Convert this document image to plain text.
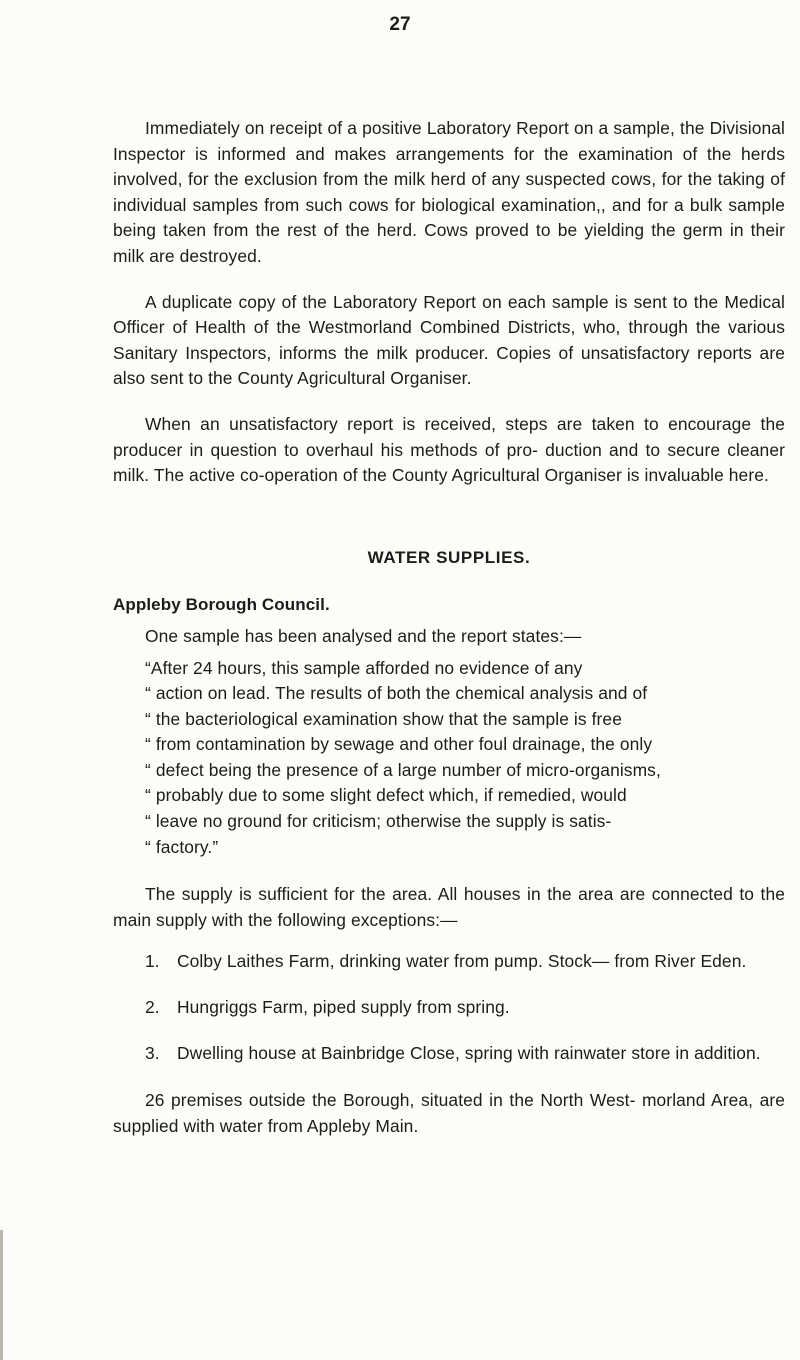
27

Immediately on receipt of a positive Laboratory Report on a sample, the Divisional Inspector is informed and makes arrangements for the examination of the herds involved, for the exclusion from the milk herd of any suspected cows, for the taking of individual samples from such cows for biological examination,, and for a bulk sample being taken from the rest of the herd. Cows proved to be yielding the germ in their milk are destroyed.

A duplicate copy of the Laboratory Report on each sample is sent to the Medical Officer of Health of the Westmorland Combined Districts, who, through the various Sanitary Inspectors, informs the milk producer. Copies of unsatisfactory reports are also sent to the County Agricultural Organiser.

When an unsatisfactory report is received, steps are taken to encourage the producer in question to overhaul his methods of pro- duction and to secure cleaner milk. The active co-operation of the County Agricultural Organiser is invaluable here.

WATER SUPPLIES.
Appleby Borough Council.

One sample has been analysed and the report states:—

“After 24 hours, this sample afforded no evidence of any
“ action on lead. The results of both the chemical analysis and of
“ the bacteriological examination show that the sample is free
“ from contamination by sewage and other foul drainage, the only
“ defect being the presence of a large number of micro-organisms,
“ probably due to some slight defect which, if remedied, would
“ leave no ground for criticism; otherwise the supply is satis-
“ factory.”

The supply is sufficient for the area. All houses in the area are connected to the main supply with the following exceptions:—

1. Colby Laithes Farm, drinking water from pump. Stock— from River Eden.
2. Hungriggs Farm, piped supply from spring.
3. Dwelling house at Bainbridge Close, spring with rainwater store in addition.

26 premises outside the Borough, situated in the North West- morland Area, are supplied with water from Appleby Main.
